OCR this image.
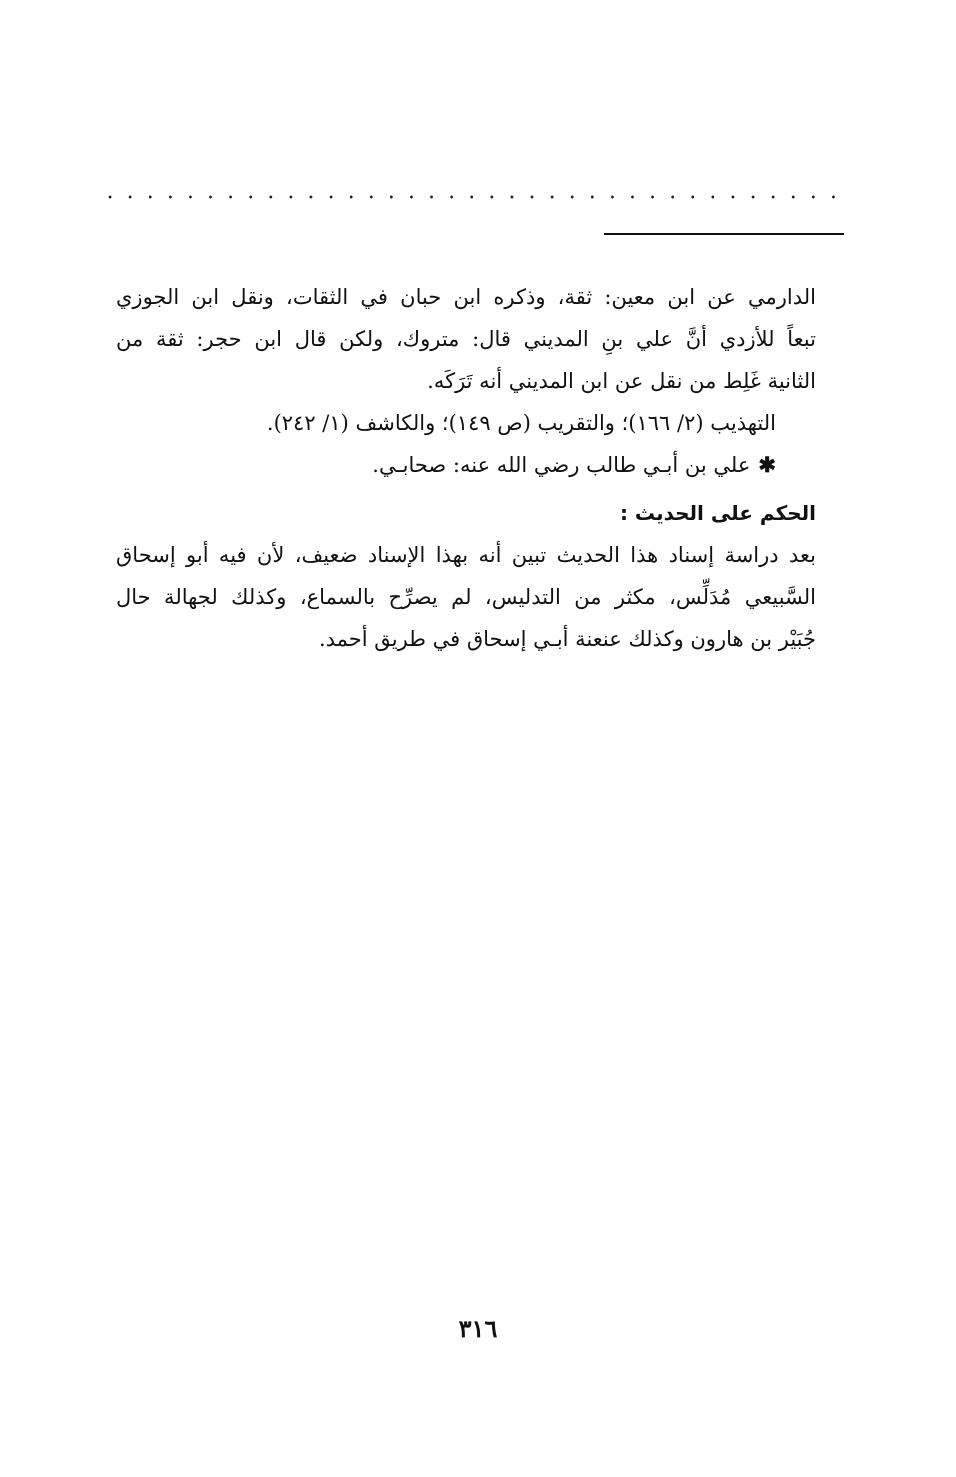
الدارمي عن ابن معين: ثقة، وذكره ابن حبان في الثقات، ونقل ابن الجوزي
تبعاً للأزدي أنَّ علي بنِ المديني قال: متروك، ولكن قال ابن حجر: ثقة من
الثانية غَلِط من نقل عن ابن المديني أنه تَرَكَه.
التهذيب (٢/ ١٦٦)؛ والتقريب (ص ١٤٩)؛ والكاشف (١/ ٢٤٢).
✱علي بن أبـي طالب رضي الله عنه: صحابـي.
الحكم على الحديث :
بعد دراسة إسناد هذا الحديث تبين أنه بهذا الإسناد ضعيف، لأن فيه أبو إسحاق
السَّبيعي مُدَلِّس، مكثر من التدليس، لم يصرِّح بالسماع، وكذلك لجهالة حال
جُبَيْر بن هارون وكذلك عنعنة أبـي إسحاق في طريق أحمد.
٣١٦
